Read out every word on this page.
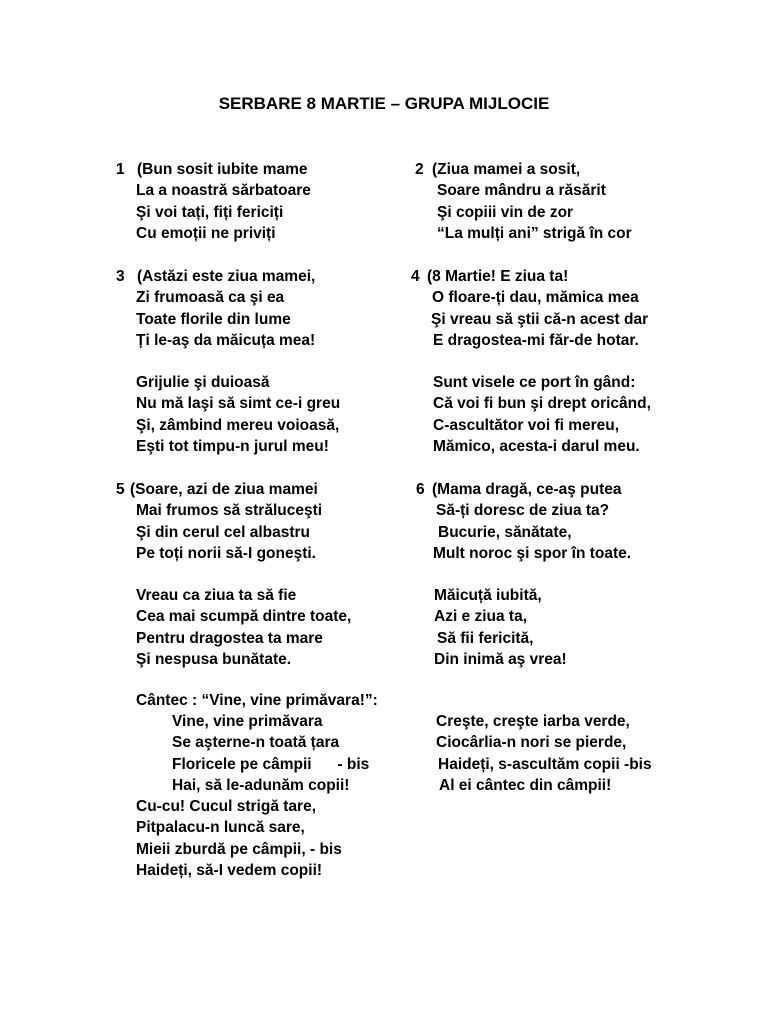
SERBARE 8 MARTIE – GRUPA MIJLOCIE
1 (Bun sosit iubite mame
La a noastră sărbatoare
Şi voi tați, fiți fericiți
Cu emoții ne priviți
2 (Ziua mamei a sosit,
Soare mândru a răsărit
Şi copiii vin de zor
“La mulți ani” strigă în cor
3 (Astăzi este ziua mamei,
Zi frumoasă ca şi ea
Toate florile din lume
Ți le-aş da măicuța mea!
4 (8 Martie! E ziua ta!
O floare-ți dau, mămica mea
Şi vreau să ştii că-n acest dar
E dragostea-mi făr-de hotar.
Grijulie şi duioasă
Nu mă laşi să simt ce-i greu
Şi, zâmbind mereu voioasă,
Eşti tot timpu-n jurul meu!
Sunt visele ce port în gând:
Că voi fi bun şi drept oricând,
C-ascultător voi fi mereu,
Mămico, acesta-i darul meu.
5 (Soare, azi de ziua mamei
Mai frumos să străluceşti
Şi din cerul cel albastru
Pe toți norii să-I goneşti.
6 (Mama dragă, ce-aş putea
Să-ți doresc de ziua ta?
Bucurie, sănătate,
Mult noroc şi spor în toate.
Vreau ca ziua ta să fie
Cea mai scumpă dintre toate,
Pentru dragostea ta mare
Şi nespusa bunătate.
Măicuță iubită,
Azi e ziua ta,
Să fii fericită,
Din inimă aş vrea!
Cântec : “Vine, vine primăvara!”:
Vine, vine primăvara
Se aşterne-n toată țara
Floricele pe câmpii      - bis
Hai, să le-adunăm copii!
Cu-cu! Cucul strigă tare,
Pitpalacu-n luncă sare,
Mieii zburdă pe câmpii, - bis
Haideți, să-I vedem copii!
Creşte, creşte iarba verde,
Ciocârlia-n nori se pierde,
Haideți, s-ascultăm copii -bis
Al ei cântec din câmpii!
